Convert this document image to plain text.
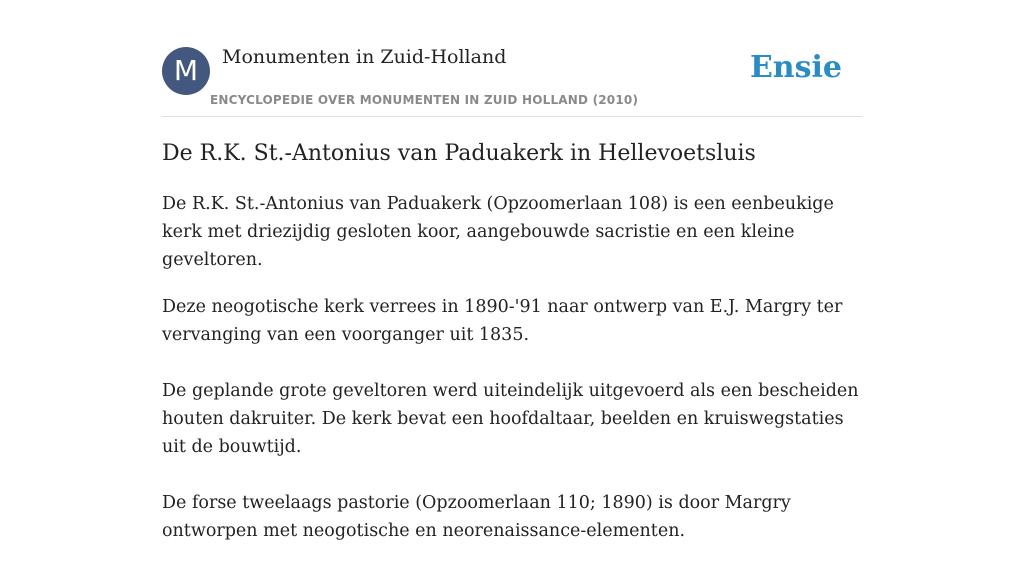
M	Monumenten in Zuid-Holland
ENCYCLOPEDIE OVER MONUMENTEN IN ZUID HOLLAND (2010)
Ensie
De R.K. St.-Antonius van Paduakerk in Hellevoetsluis

De R.K. St.-Antonius van Paduakerk (Opzoomerlaan 108) is een eenbeukige kerk met driezijdig gesloten koor, aangebouwde sacristie en een kleine geveltoren.

Deze neogotische kerk verrees in 1890-'91 naar ontwerp van E.J. Margry ter vervanging van een voorganger uit 1835.

De geplande grote geveltoren werd uiteindelijk uitgevoerd als een bescheiden houten dakruiter. De kerk bevat een hoofdaltaar, beelden en kruiswegstaties uit de bouwtijd.

De forse tweelaags pastorie (Opzoomerlaan 110; 1890) is door Margry ontworpen met neogotische en neorenaissance-elementen.
